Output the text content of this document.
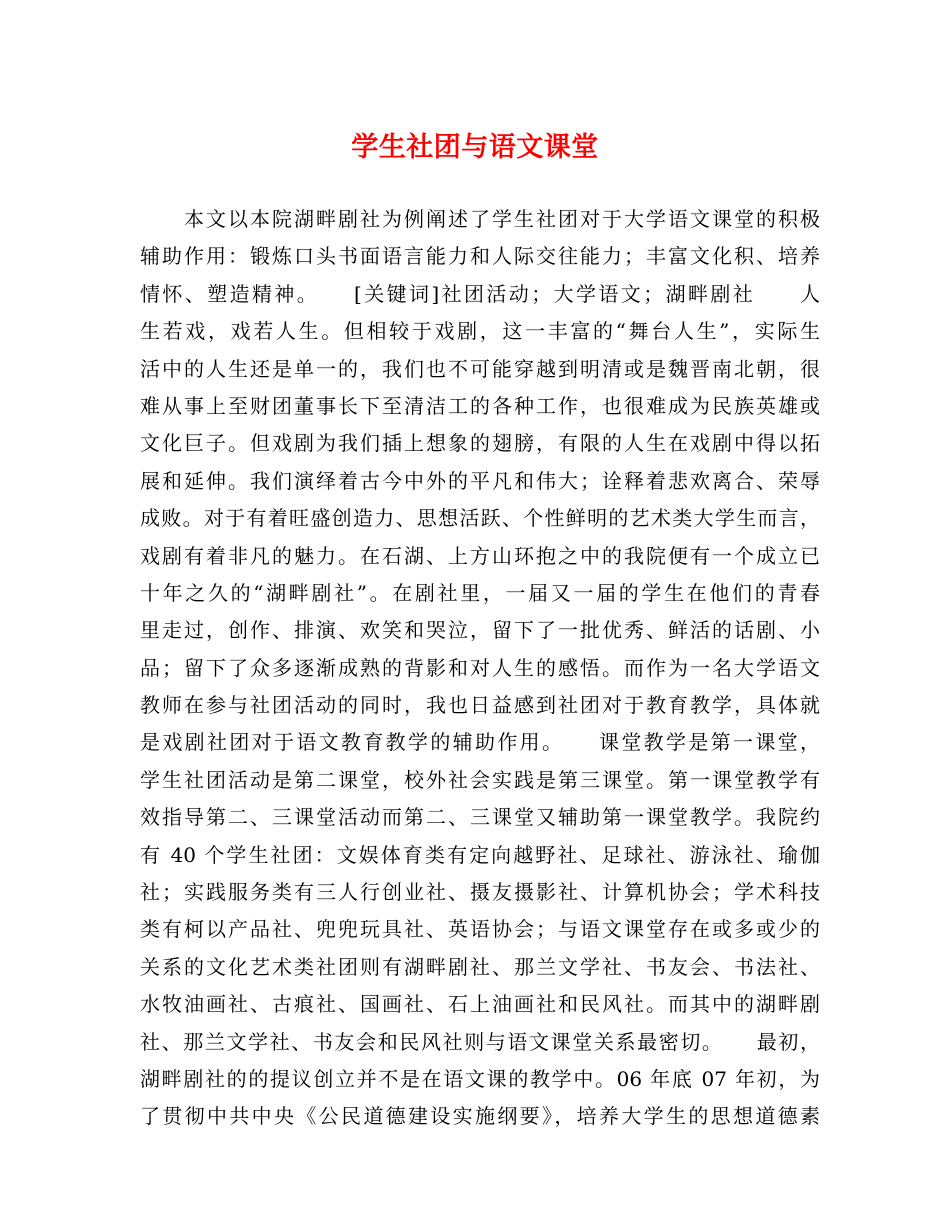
学生社团与语文课堂
　　本文以本院湖畔剧社为例阐述了学生社团对于大学语文课堂的积极
辅助作用：锻炼口头书面语言能力和人际交往能力；丰富文化积、培养
情怀、塑造精神。　　[关键词]社团活动；大学语文；湖畔剧社　　人
生若戏，戏若人生。但相较于戏剧，这一丰富的“舞台人生”，实际生
活中的人生还是单一的，我们也不可能穿越到明清或是魏晋南北朝，很
难从事上至财团董事长下至清洁工的各种工作，也很难成为民族英雄或
文化巨子。但戏剧为我们插上想象的翅膀，有限的人生在戏剧中得以拓
展和延伸。我们演绎着古今中外的平凡和伟大；诠释着悲欢离合、荣辱
成败。对于有着旺盛创造力、思想活跃、个性鲜明的艺术类大学生而言，
戏剧有着非凡的魅力。在石湖、上方山环抱之中的我院便有一个成立已
十年之久的“湖畔剧社”。在剧社里，一届又一届的学生在他们的青春
里走过，创作、排演、欢笑和哭泣，留下了一批优秀、鲜活的话剧、小
品；留下了众多逐渐成熟的背影和对人生的感悟。而作为一名大学语文
教师在参与社团活动的同时，我也日益感到社团对于教育教学，具体就
是戏剧社团对于语文教育教学的辅助作用。　　课堂教学是第一课堂，
学生社团活动是第二课堂，校外社会实践是第三课堂。第一课堂教学有
效指导第二、三课堂活动而第二、三课堂又辅助第一课堂教学。我院约
有 40 个学生社团：文娱体育类有定向越野社、足球社、游泳社、瑜伽
社；实践服务类有三人行创业社、摄友摄影社、计算机协会；学术科技
类有柯以产品社、兜兜玩具社、英语协会；与语文课堂存在或多或少的
关系的文化艺术类社团则有湖畔剧社、那兰文学社、书友会、书法社、
水牧油画社、古痕社、国画社、石上油画社和民风社。而其中的湖畔剧
社、那兰文学社、书友会和民风社则与语文课堂关系最密切。　　最初，
湖畔剧社的的提议创立并不是在语文课的教学中。06 年底 07 年初，为
了贯彻中共中央《公民道德建设实施纲要》，培养大学生的思想道德素
